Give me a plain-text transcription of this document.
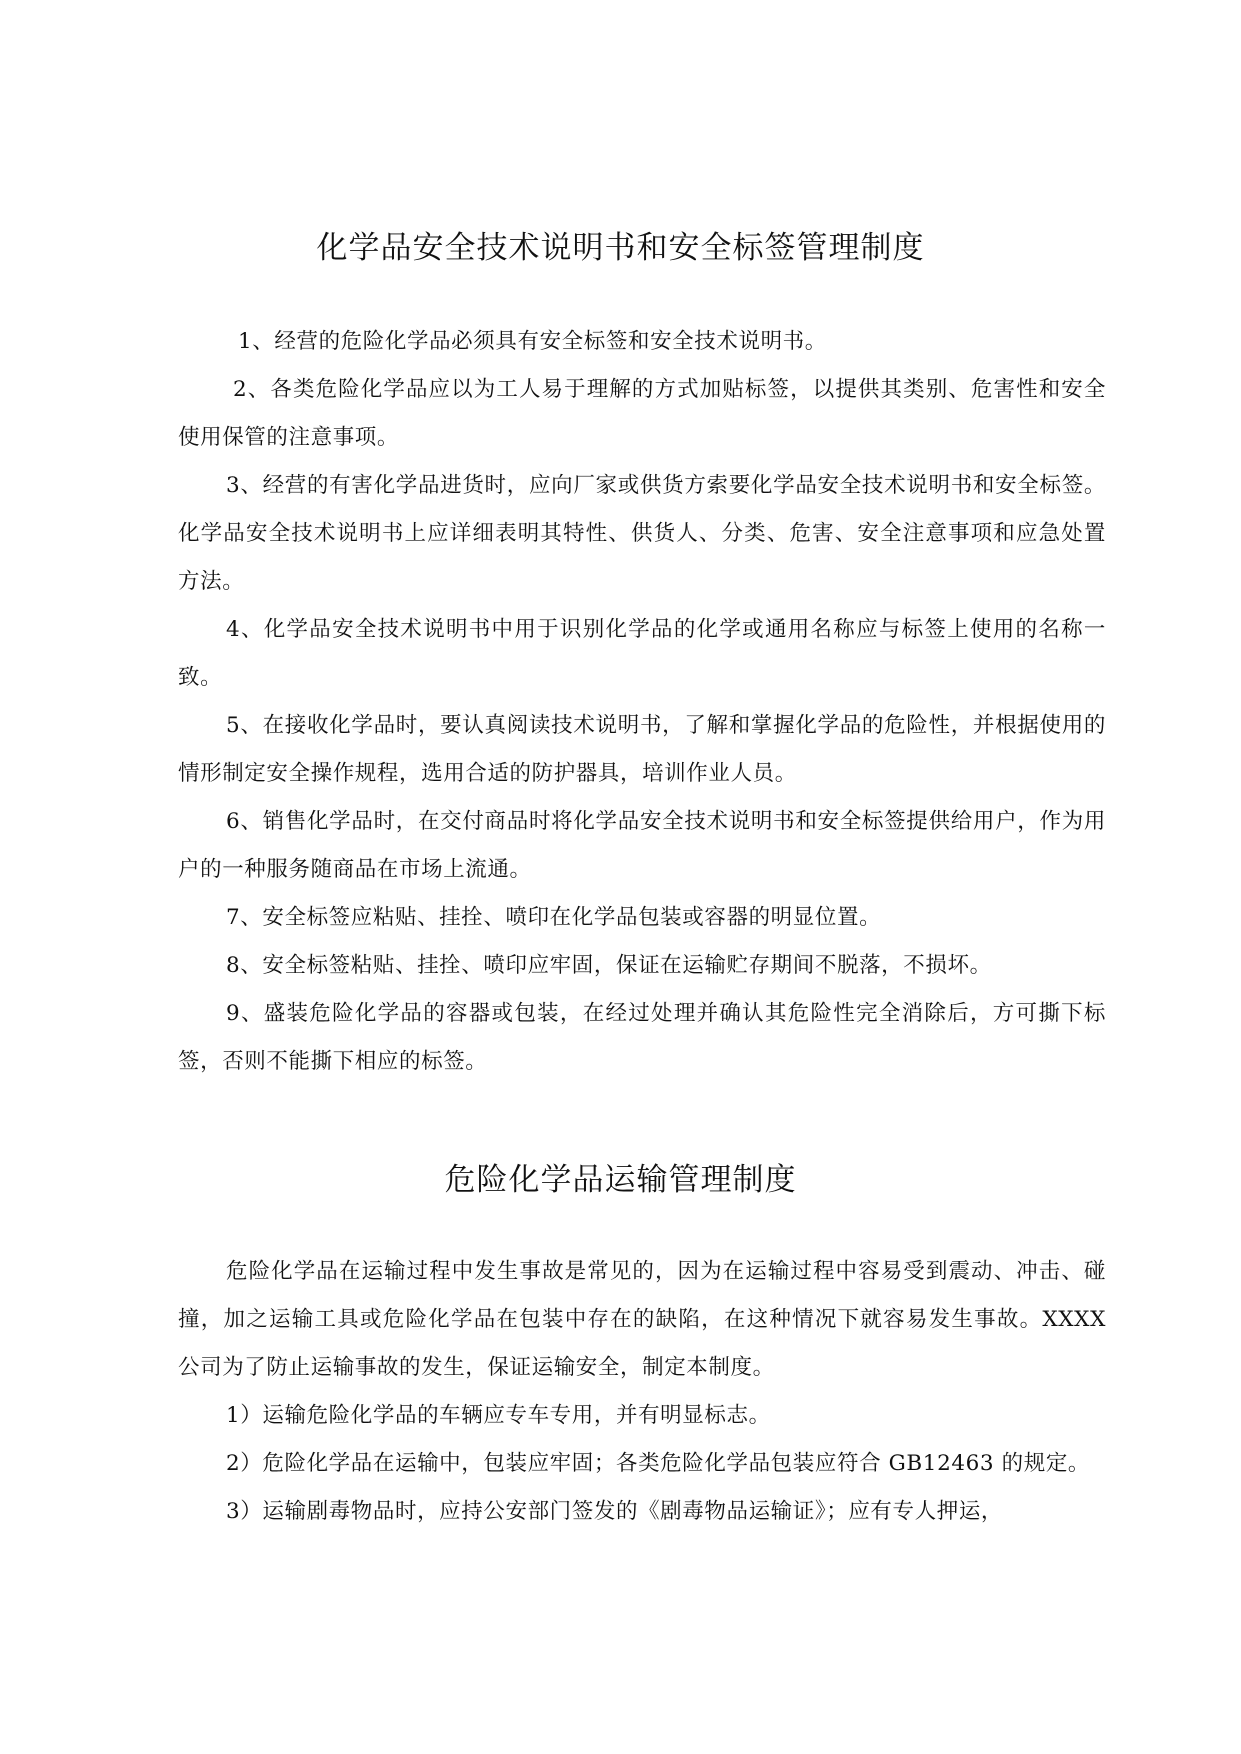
化学品安全技术说明书和安全标签管理制度

1、经营的危险化学品必须具有安全标签和安全技术说明书。

2、各类危险化学品应以为工人易于理解的方式加贴标签，以提供其类别、危害性和安全使用保管的注意事项。

3、经营的有害化学品进货时，应向厂家或供货方索要化学品安全技术说明书和安全标签。化学品安全技术说明书上应详细表明其特性、供货人、分类、危害、安全注意事项和应急处置方法。

4、化学品安全技术说明书中用于识别化学品的化学或通用名称应与标签上使用的名称一致。

5、在接收化学品时，要认真阅读技术说明书，了解和掌握化学品的危险性，并根据使用的情形制定安全操作规程，选用合适的防护器具，培训作业人员。

6、销售化学品时，在交付商品时将化学品安全技术说明书和安全标签提供给用户，作为用户的一种服务随商品在市场上流通。

7、安全标签应粘贴、挂拴、喷印在化学品包装或容器的明显位置。

8、安全标签粘贴、挂拴、喷印应牢固，保证在运输贮存期间不脱落，不损坏。

9、盛装危险化学品的容器或包装，在经过处理并确认其危险性完全消除后，方可撕下标签，否则不能撕下相应的标签。

危险化学品运输管理制度

危险化学品在运输过程中发生事故是常见的，因为在运输过程中容易受到震动、冲击、碰撞，加之运输工具或危险化学品在包装中存在的缺陷，在这种情况下就容易发生事故。XXXX 公司为了防止运输事故的发生，保证运输安全，制定本制度。

1）运输危险化学品的车辆应专车专用，并有明显标志。

2）危险化学品在运输中，包装应牢固；各类危险化学品包装应符合 GB12463 的规定。

3）运输剧毒物品时，应持公安部门签发的《剧毒物品运输证》；应有专人押运，
